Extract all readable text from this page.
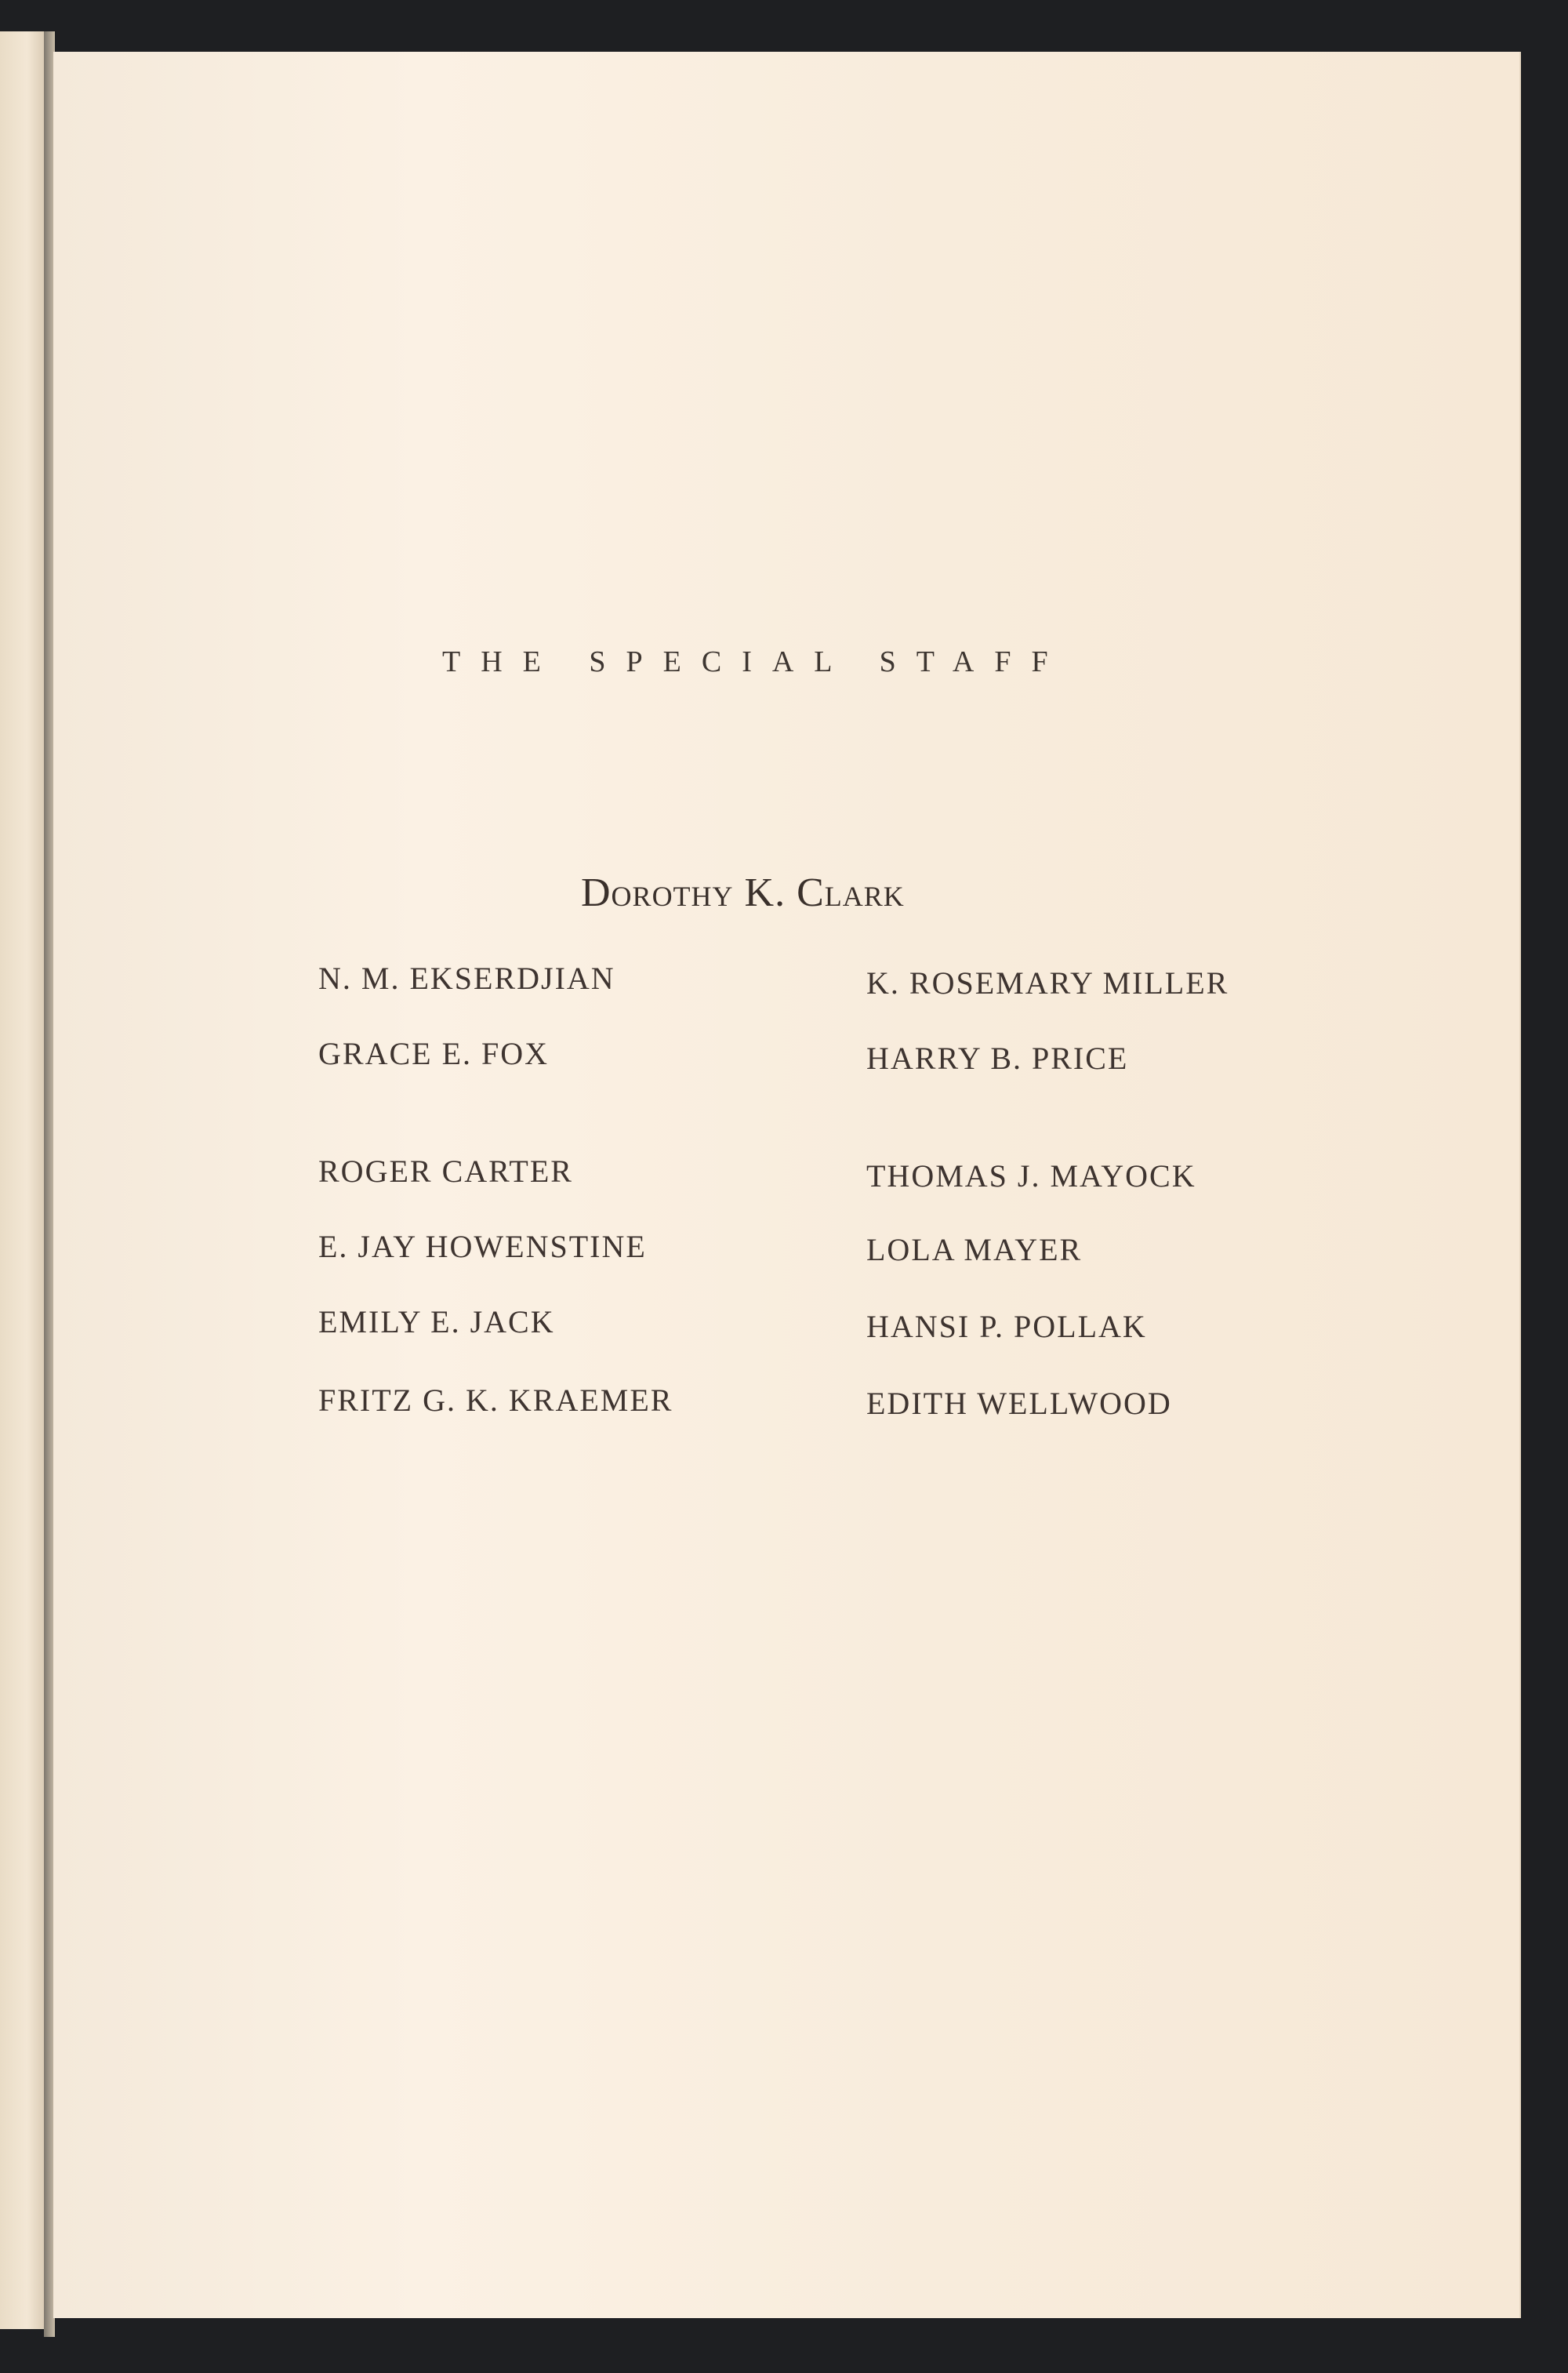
THE SPECIAL STAFF
Dorothy K. Clark
N. M. EKSERDJIAN
GRACE E. FOX
ROGER CARTER
E. JAY HOWENSTINE
EMILY E. JACK
FRITZ G. K. KRAEMER
K. ROSEMARY MILLER
HARRY B. PRICE
THOMAS J. MAYOCK
LOLA MAYER
HANSI P. POLLAK
EDITH WELLWOOD
